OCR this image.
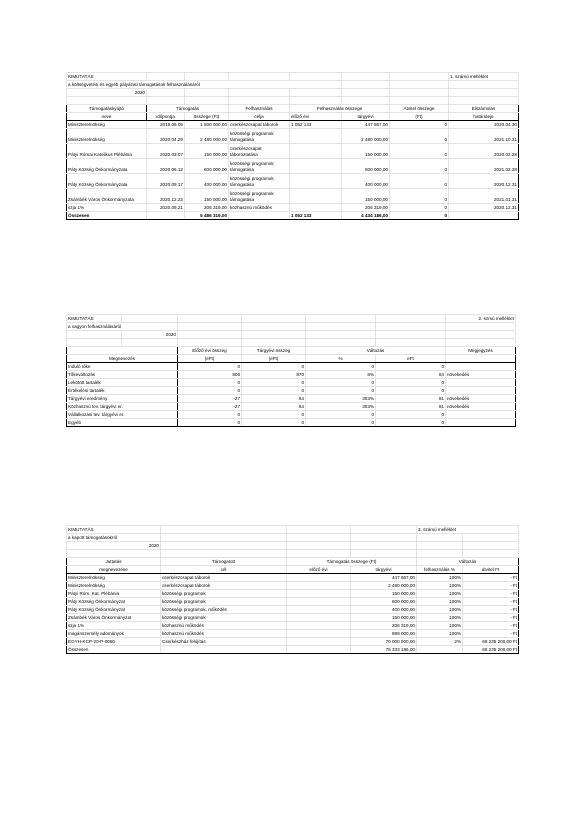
KIMUTATÁS							1. számú melléklet
a költségvetési és egyéb pályázati támogatások felhasználásáról							
2020							

Támogatáskyújtó	Támogatás		Felhasználás	Felhasználás összege		Átvitel összege	Elszámolás
neve	időpontja	összege (Ft)	célja	előző évi	tárgyévi	(Ft)	határideje
Miniszterelnökség	2019.06.05	1 500 000,00	cserkészcsapat táborok	1 052 133	447 867,00	0	2020.04.30
Miniszterelnökség	2020.04.29	2 480 000,00	közösségi programok támogatása		2 480 000,00	0	2021.10.31
Pátyi Római Katolikus Plébánia	2020.03.07	150 000,00	cserkészcsapat táboroztatása		150 000,00	0	2020.02.28
Páty Község Önkormányzata	2020.06.12	600 000,00	közösségi programok támogatása		600 000,00	0	2021.02.28
Páty Község Önkormányzata	2020.09.17	400 000,00	közösségi programok támogatása		400 000,00	0	2020.12.31
Zsámbék Város Önkormányzata	2020.12.23	150 000,00	közösségi programok támogatása		150 000,00	0	2021.01.31
szja 1%	2020.09.21	206 319,00	közhasznú működés		206 319,00	0	2020.12.31
Összesen		5 486 319,00		1 052 133	4 434 186,00	0	
KIMUTATÁS						2. szmú melléklet
a vagyon felhasználásáról						
	2020					

		Előző évi összeg	Tárgyévi összeg	Változás		Megjegyzés
Megnevezés		(eFt)	(eFt)	%	eFt	
Induló tőke		0	0	0	0	
Tőkeváltozás		806	870	8%	64	növekedés
Lekötött tartalék		0	0	0	0	
Értékelési tartalék		0	0	0	0	
Tárgyévi eredmény		-27	64	303%	91	növekedés
Közhasznú tev. tárgyévi er.		-27	64	303%	91	növekedés
Vállalkozási tev. tárgyévi er.		0	0	0	0	
Egyéb		0	0	0	0	
KIMUTATÁS				3. számú melléklet	
a kapott támogatásokról					
2020					

Juttatás	Támogatott	Támogatás összege (Ft)		Változás	
megnevezése	cél	előző évi	tárgyévi	felhasználás %	átvitel Ft
Miniszterelnökség	cserkészcsapat táborok		447 867,00	100%	- Ft
Miniszterelnökség	cserkészcsapat táborok		2 480 000,00	100%	- Ft
Pátyi Róm. Kat. Plébánia	közösségi programok		150 000,00	100%	- Ft
Páty Község Önkormányzat	közösségi programok		600 000,00	100%	- Ft
Páty Község Önkormányzat	közösségi programok, működés		400 000,00	100%	- Ft
Zsámbék Város Önkormányzat	közösségi programok		150 000,00	100%	- Ft
szja 1%	közhasznú működés		206 319,00	100%	- Ft
magánszemély adományok	közhasznú működés		899 000,00	100%	- Ft
EGYH-KCP-20-P-0050	Cserkészház felújítás		70 000 000,00	2%	68 235 200,00 Ft
Összesen			75 333 186,00		68 235 200,00 Ft
